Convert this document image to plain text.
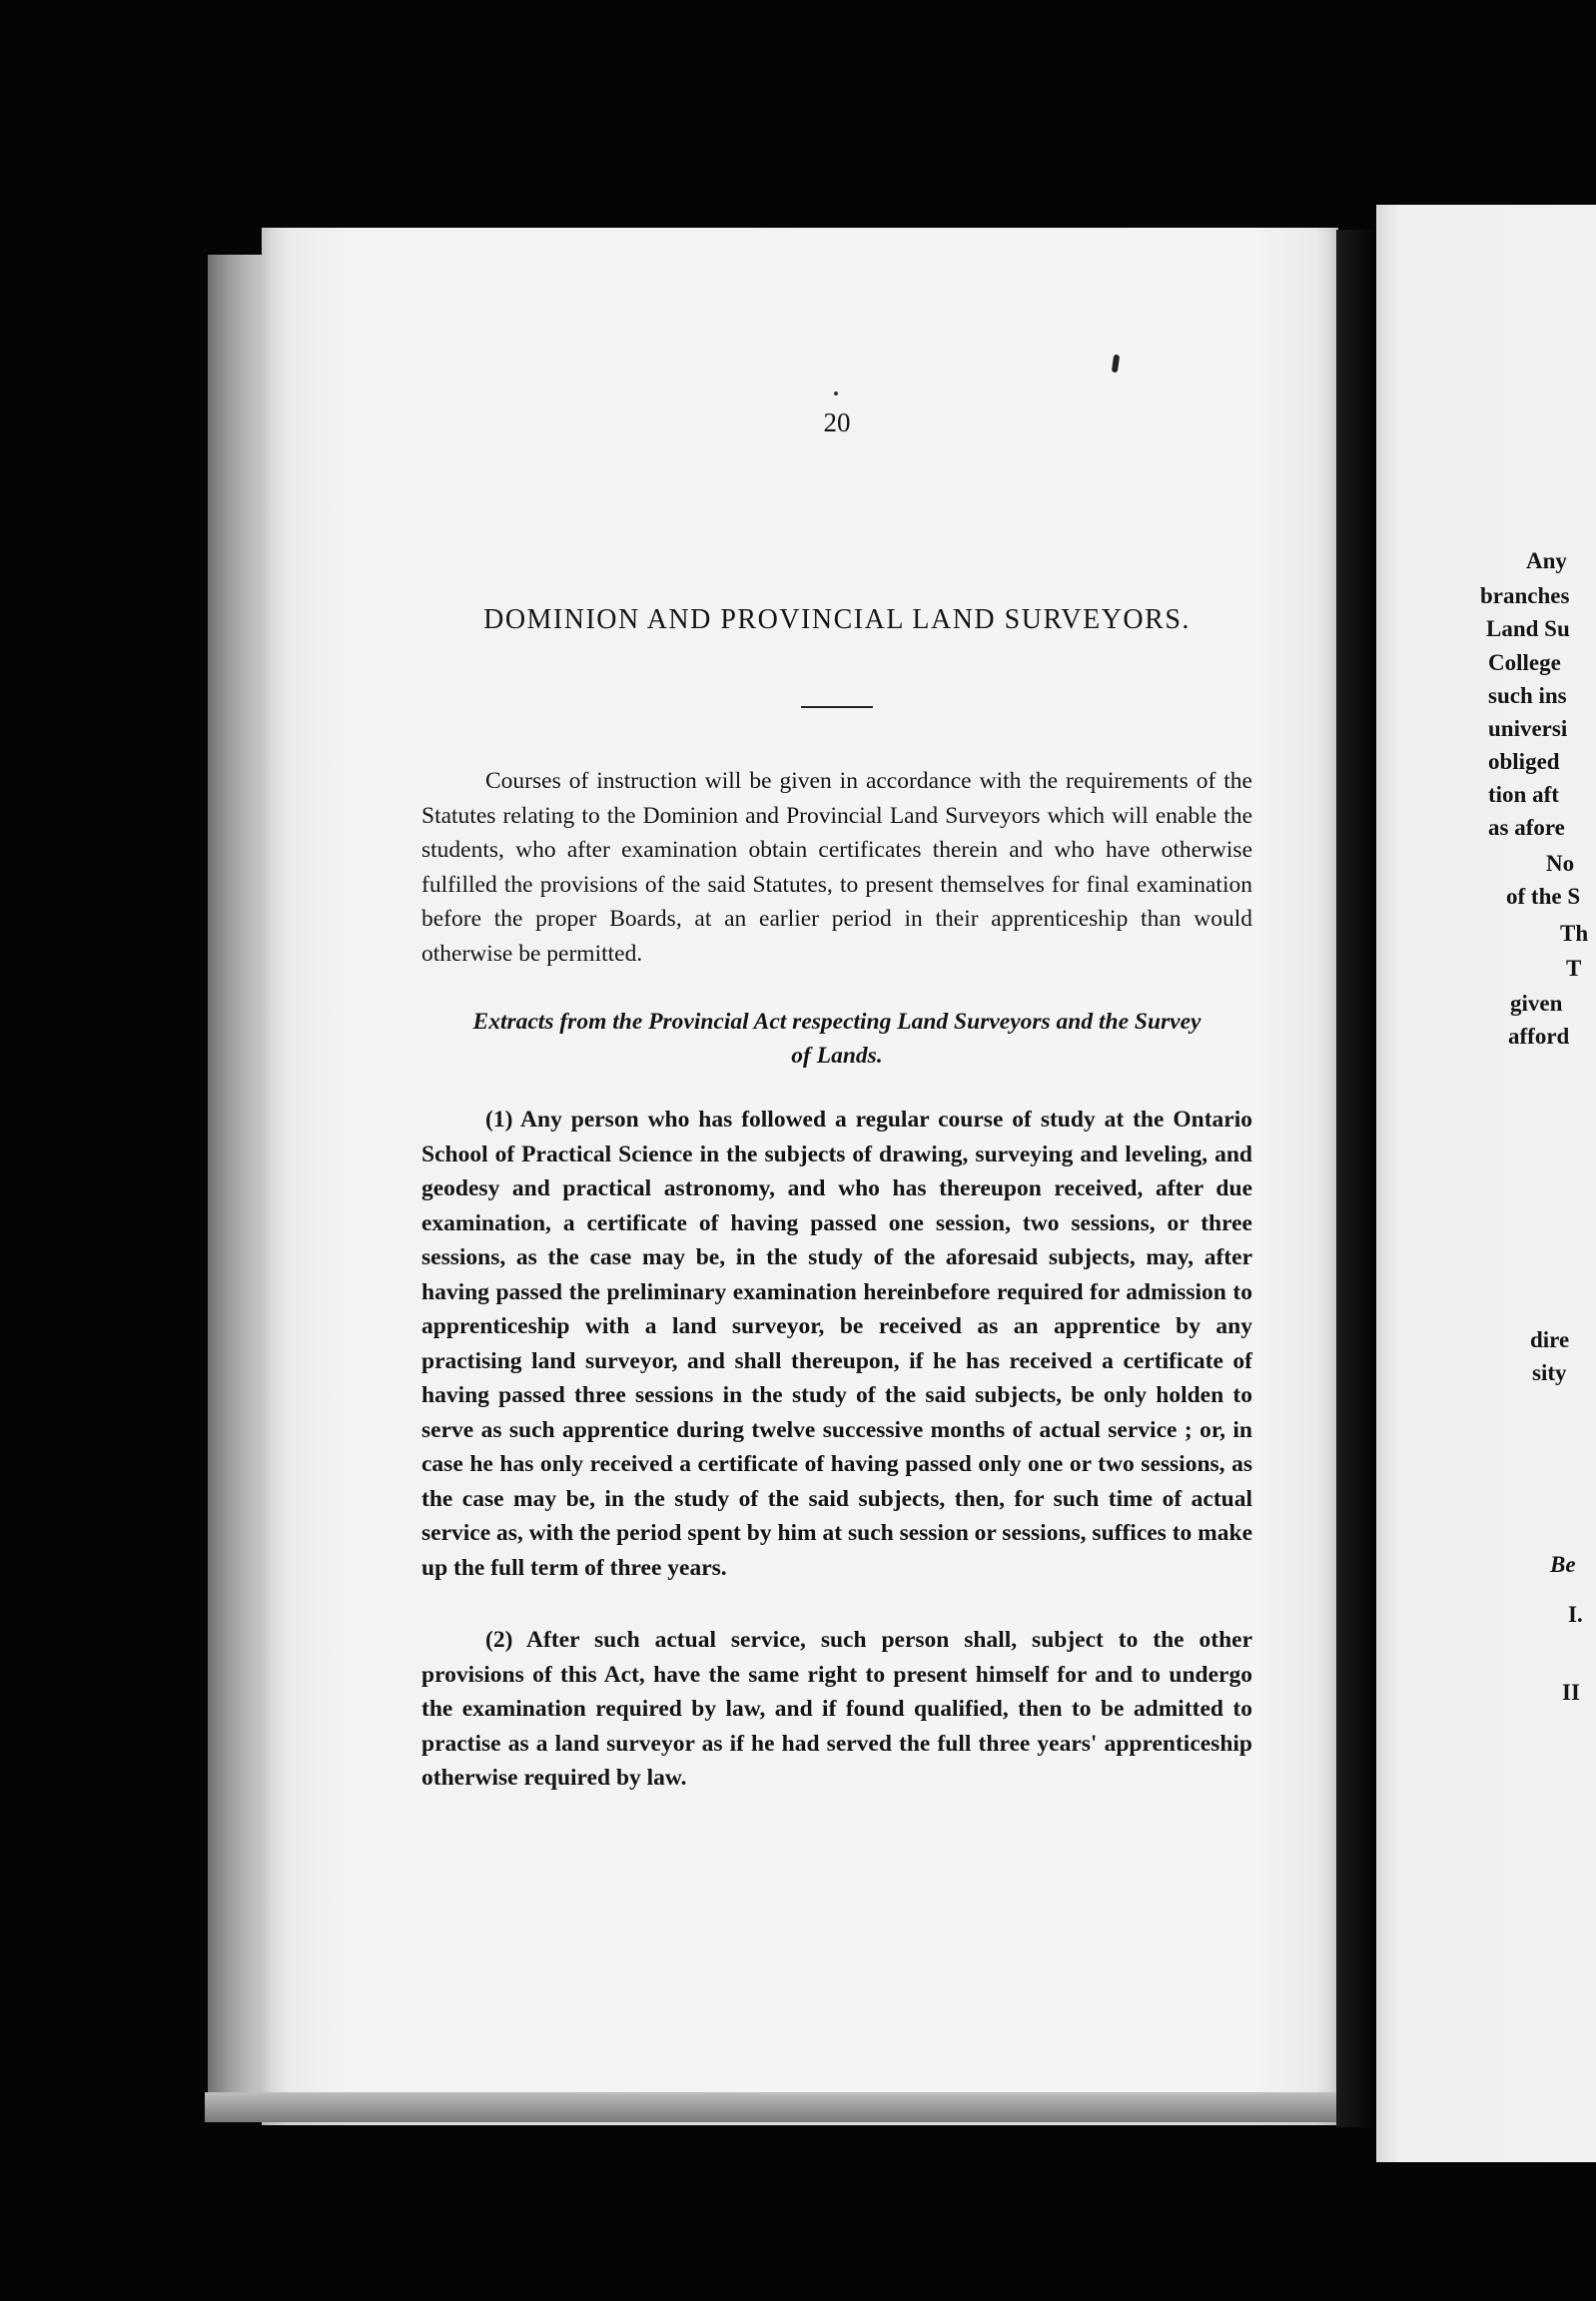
Any
branches
Land Su
College
such ins
universi
obliged
tion aft
as afore
No
of the S
Th
T
given
afford
dire
sity
Be
I.
II
20
DOMINION AND PROVINCIAL LAND SURVEYORS.

Courses of instruction will be given in accordance with the requirements of the Statutes relating to the Dominion and Provincial Land Surveyors which will enable the students, who after examination obtain certificates therein and who have otherwise fulfilled the provisions of the said Statutes, to present themselves for final examination before the proper Boards, at an earlier period in their apprenticeship than would otherwise be permitted.

Extracts from the Provincial Act respecting Land Surveyors and the Survey
of Lands.

(1) Any person who has followed a regular course of study at the Ontario School of Practical Science in the subjects of drawing, surveying and leveling, and geodesy and practical astronomy, and who has thereupon received, after due examination, a certificate of having passed one session, two sessions, or three sessions, as the case may be, in the study of the aforesaid subjects, may, after having passed the preliminary examination hereinbefore required for admission to apprenticeship with a land surveyor, be received as an apprentice by any practising land surveyor, and shall thereupon, if he has received a certificate of having passed three sessions in the study of the said subjects, be only holden to serve as such apprentice during twelve successive months of actual service ; or, in case he has only received a certificate of having passed only one or two sessions, as the case may be, in the study of the said subjects, then, for such time of actual service as, with the period spent by him at such session or sessions, suffices to make up the full term of three years.

(2) After such actual service, such person shall, subject to the other provisions of this Act, have the same right to present himself for and to undergo the examination required by law, and if found qualified, then to be admitted to practise as a land surveyor as if he had served the full three years' apprenticeship otherwise required by law.
